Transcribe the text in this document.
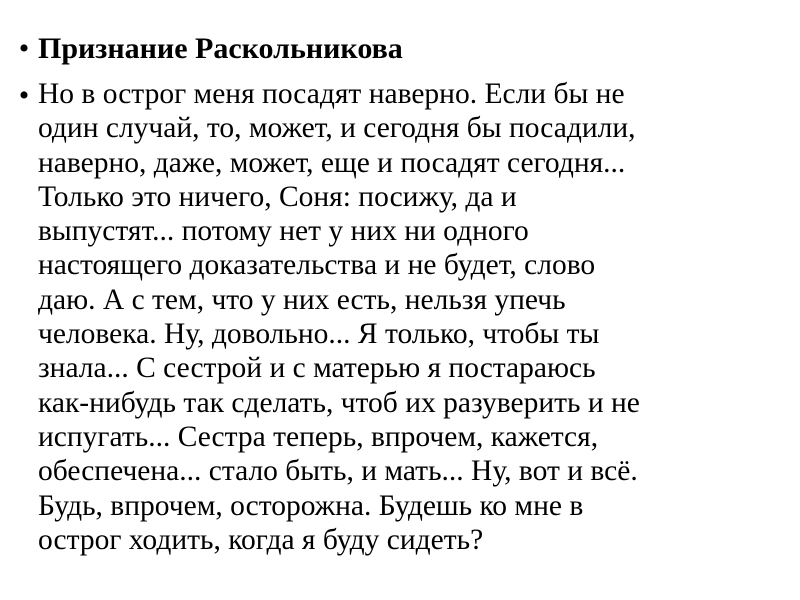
• Признание Раскольникова
• Но в острог меня посадят наверно. Если бы не
один случай, то, может, и сегодня бы посадили,
наверно, даже, может, еще и посадят сегодня...
Только это ничего, Соня: посижу, да и
выпустят... потому нет у них ни одного
настоящего доказательства и не будет, слово
даю. А с тем, что у них есть, нельзя упечь
человека. Ну, довольно... Я только, чтобы ты
знала... С сестрой и с матерью я постараюсь
как-нибудь так сделать, чтоб их разуверить и не
испугать... Сестра теперь, впрочем, кажется,
обеспечена... стало быть, и мать... Ну, вот и всё.
Будь, впрочем, осторожна. Будешь ко мне в
острог ходить, когда я буду сидеть?
